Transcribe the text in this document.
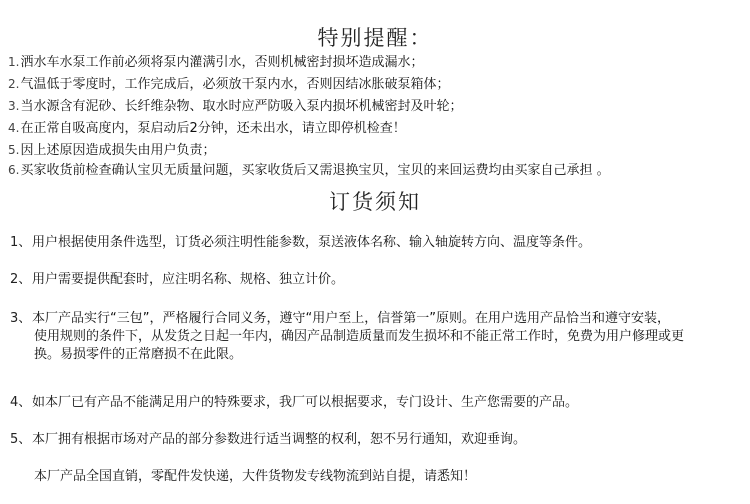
特别提醒：
1.洒水车水泵工作前必须将泵内灌满引水，否则机械密封损坏造成漏水；
2.气温低于零度时，工作完成后，必须放干泵内水，否则因结冰胀破泵箱体；
3.当水源含有泥砂、长纤维杂物、取水时应严防吸入泵内损坏机械密封及叶轮；
4.在正常自吸高度内，泵启动后2分钟，还未出水，请立即停机检查！
5.因上述原因造成损失由用户负责；
6.买家收货前检查确认宝贝无质量问题，买家收货后又需退换宝贝，宝贝的来回运费均由买家自己承担 。
订货须知
1、用户根据使用条件选型，订货必须注明性能参数，泵送液体名称、输入轴旋转方向、温度等条件。
2、用户需要提供配套时，应注明名称、规格、独立计价。
3、本厂产品实行“三包”，严格履行合同义务，遵守“用户至上，信誉第一”原则。在用户选用产品恰当和遵守安装，
使用规则的条件下，从发货之日起一年内，确因产品制造质量而发生损坏和不能正常工作时，免费为用户修理或更
换。易损零件的正常磨损不在此限。
4、如本厂已有产品不能满足用户的特殊要求，我厂可以根据要求，专门设计、生产您需要的产品。
5、本厂拥有根据市场对产品的部分参数进行适当调整的权利，恕不另行通知，欢迎垂询。
本厂产品全国直销，零配件发快递，大件货物发专线物流到站自提，请悉知！
